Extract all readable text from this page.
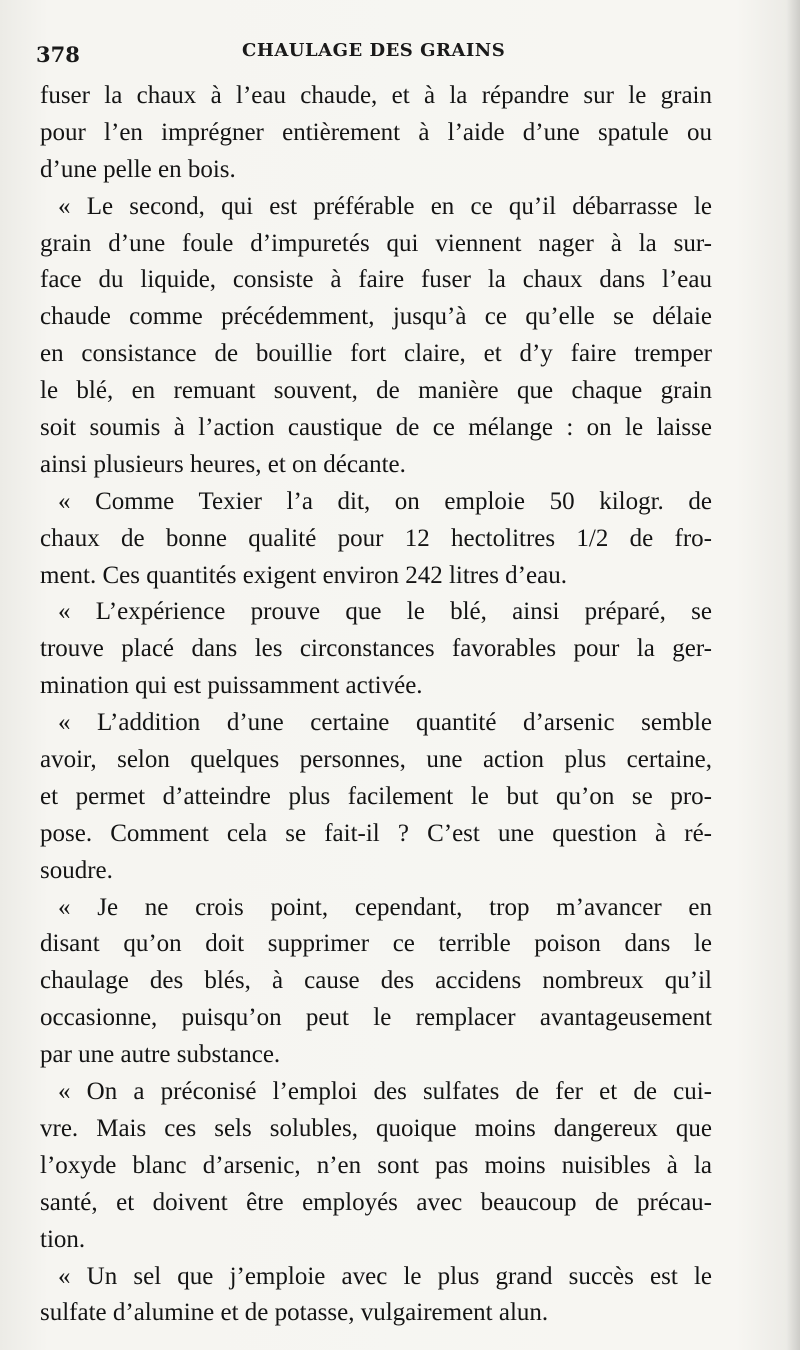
378	CHAULAGE DES GRAINS
fuser la chaux à l’eau chaude, et à la répandre sur le grain
pour l’en imprégner entièrement à l’aide d’une spatule ou
d’une pelle en bois.
« Le second, qui est préférable en ce qu’il débarrasse le
grain d’une foule d’impuretés qui viennent nager à la sur-
face du liquide, consiste à faire fuser la chaux dans l’eau
chaude comme précédemment, jusqu’à ce qu’elle se délaie
en consistance de bouillie fort claire, et d’y faire tremper
le blé, en remuant souvent, de manière que chaque grain
soit soumis à l’action caustique de ce mélange : on le laisse
ainsi plusieurs heures, et on décante.
« Comme Texier l’a dit, on emploie 50 kilogr. de
chaux de bonne qualité pour 12 hectolitres 1/2 de fro-
ment. Ces quantités exigent environ 242 litres d’eau.
« L’expérience prouve que le blé, ainsi préparé, se
trouve placé dans les circonstances favorables pour la ger-
mination qui est puissamment activée.
« L’addition d’une certaine quantité d’arsenic semble
avoir, selon quelques personnes, une action plus certaine,
et permet d’atteindre plus facilement le but qu’on se pro-
pose. Comment cela se fait-il ? C’est une question à ré-
soudre.
« Je ne crois point, cependant, trop m’avancer en
disant qu’on doit supprimer ce terrible poison dans le
chaulage des blés, à cause des accidens nombreux qu’il
occasionne, puisqu’on peut le remplacer avantageusement
par une autre substance.
« On a préconisé l’emploi des sulfates de fer et de cui-
vre. Mais ces sels solubles, quoique moins dangereux que
l’oxyde blanc d’arsenic, n’en sont pas moins nuisibles à la
santé, et doivent être employés avec beaucoup de précau-
tion.
« Un sel que j’emploie avec le plus grand succès est le
sulfate d’alumine et de potasse, vulgairement alun.
